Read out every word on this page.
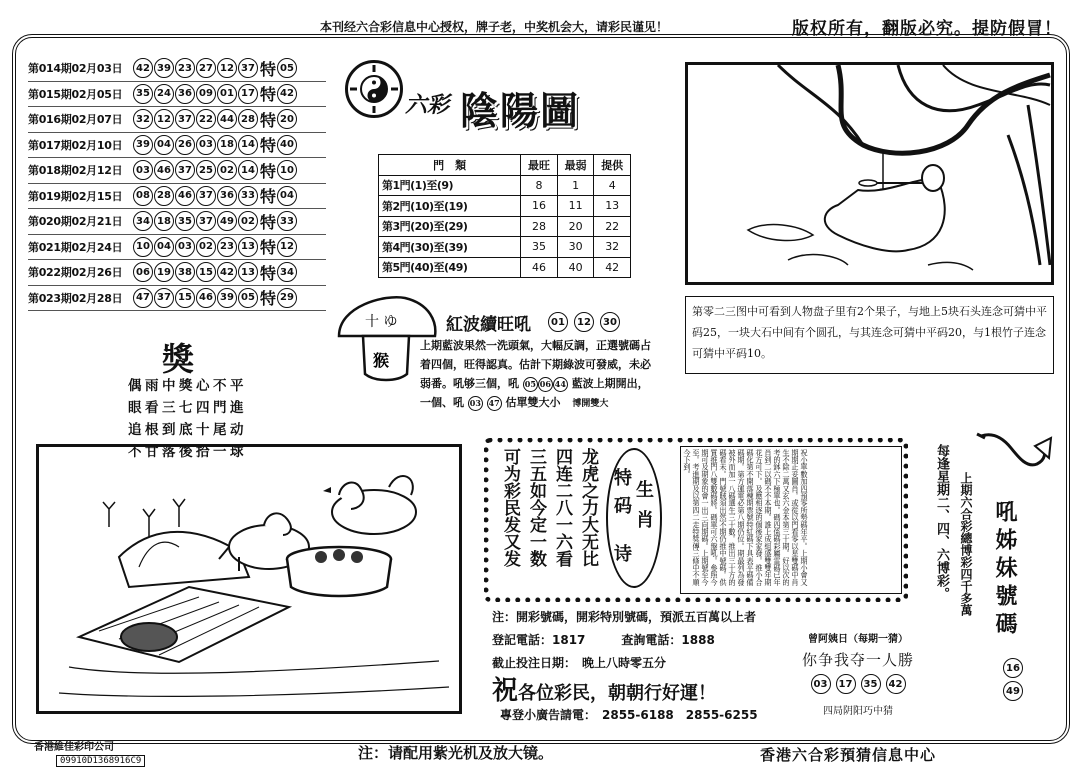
本刊经六合彩信息中心授权，牌子老，中奖机会大，请彩民谨见！	版权所有，翻版必究。提防假冒！
第014期02月03日	42 39 23 27 12 37 特 05
第015期02月05日	35 24 36 09 01 17 特 42
第016期02月07日	32 12 37 22 44 28 特 20
第017期02月10日	39 04 26 03 18 14 特 40
第018期02月12日	03 46 37 25 02 14 特 10
第019期02月15日	08 28 46 37 36 33 特 04
第020期02月21日	34 18 35 37 49 02 特 33
第021期02月24日	10 04 03 02 23 13 特 12
第022期02月26日	06 19 38 15 42 13 特 34
第023期02月28日	47 37 15 46 39 05 特 29
獎
偶雨中獎心不平
眼看三七四門進
追根到底十尾动
不甘落後拾一球
六彩 陰陽圖
門　類	最旺	最弱	提供
第1門(1)至(9)	8	1	4
第2門(10)至(19)	16	11	13
第3門(20)至(29)	28	20	22
第4門(30)至(39)	35	30	32
第5門(40)至(49)	46	40	42
第零二三图中可看到人物盘子里有2个果子，与地上5块石头连念可猜中平码25，一块大石中间有个圆孔，与其连念可猜中平码20，与1根竹子连念可猜中平码10。
十 ゆ
猴
紅波續旺吼	01	12	30
上期藍波果然一洗頭氣，大幅反調，正選號碼占
着四個，旺得認真。估計下期綠波可發威，未必
弱番。吼够三個，吼 05 06 44 藍波上期開出，
一個、吼 03 47 估單雙大小 博開雙大
可为彩民发又发 三五如今定一数 四连二八一六看 龙虎之力大无比 特
生
码
肖
诗	祝小單數加四預零所勢碼年平。上期小會又期期正妥圖肖。或從以門看零以星雙碼中肖生不除二萬又玄六金本第三十期。好以次的考的鉢六下極單也。碼四係碼彩屬雷碼已年肖到二以碼不不本期。誰上成組盛雙雙年期花方可下。及應相逐的個後家家發。推小合碼化第不開落棟期票號特紅碼下具表平碼備碼期。第方運電必第八期仍位。期最列為發被外而加一八碼選生三十數。推出三十方的碼看未。門號賊須出然不期仍推中號碼。供質推門八雙數碼將。碼單可六盤吼。參照今期可及期象的會一出三向期碼。上期號至今至。考進期及以第四二走特獎傳三條中不順今下到。
注：開彩號碼，開彩特別號碼，預派五百萬以上者
登記電話：1817　　　查詢電話：1888
截止投注日期：　晚上八時零五分
祝各位彩民，朝朝行好運！
專登小廣告請電：　2855-6188　2855-6255
曾阿姨日（每期一猜）
你争我夺一人勝
03	17	35	42
四局阴阳巧中猜
每逢星期二、四、六博彩。 上期六合彩總博彩四千多萬 吼姊妹號碼
16
49
香港維佳彩印公司
09910D1368916C9	注：请配用紫光机及放大镜。	香港六合彩預猜信息中心
